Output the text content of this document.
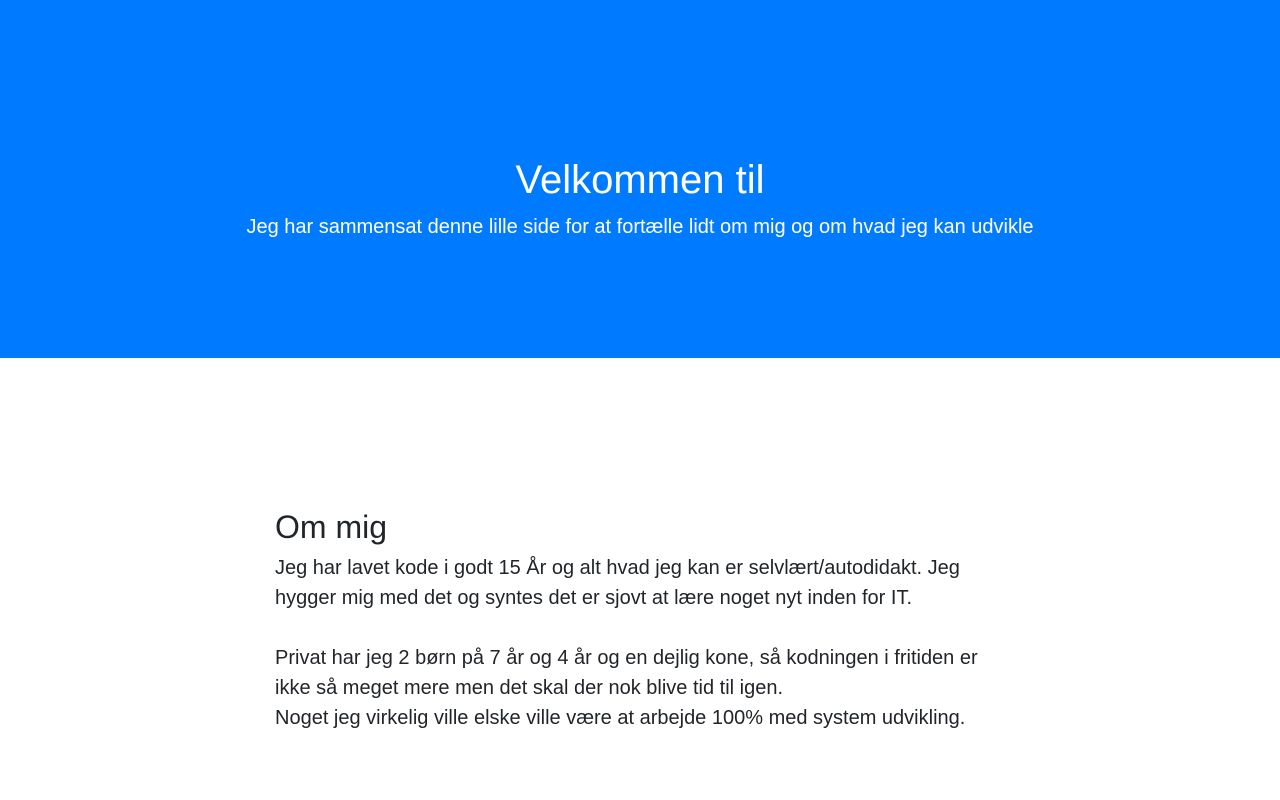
Velkommen til

Jeg har sammensat denne lille side for at fortælle lidt om mig og om hvad jeg kan udvikle

Om mig

Jeg har lavet kode i godt 15 År og alt hvad jeg kan er selvlært/autodidakt. Jeg hygger mig med det og syntes det er sjovt at lære noget nyt inden for IT.

Privat har jeg 2 børn på 7 år og 4 år og en dejlig kone, så kodningen i fritiden er ikke så meget mere men det skal der nok blive tid til igen.

Noget jeg virkelig ville elske ville være at arbejde 100% med system udvikling.
